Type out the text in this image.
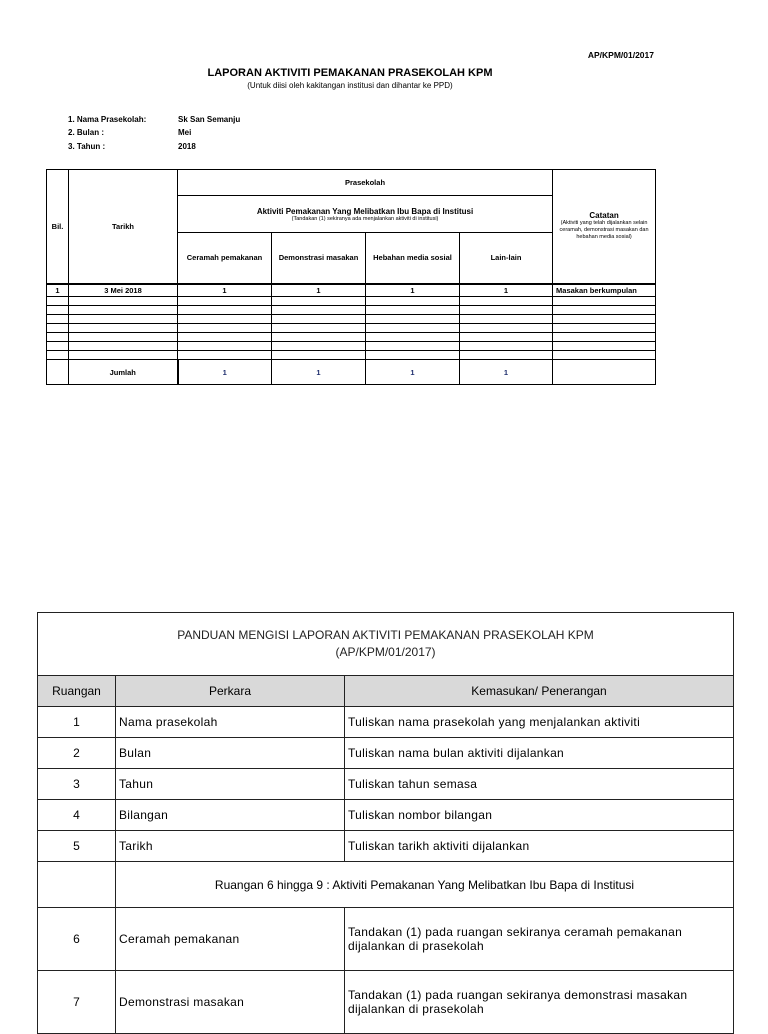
AP/KPM/01/2017
LAPORAN AKTIVITI PEMAKANAN PRASEKOLAH KPM
(Untuk diisi oleh kakitangan institusi dan dihantar ke PPD)
1. Nama Prasekolah:	Sk San Semanju
2. Bulan :	Mei
3. Tahun :	2018
Bil.	Tarikh	Prasekolah				Catatan
(Aktiviti yang telah dijalankan selain ceramah, demonstrasi masakan dan hebahan media sosial)

		Aktiviti Pemakanan Yang Melibatkan Ibu Bapa di Institusi
(Tandakan (1) sekiranya ada menjalankan aktiviti di institusi)				

		Ceramah pemakanan	Demonstrasi masakan	Hebahan media sosial	Lain-lain	
1	3 Mei 2018	1	1	1	1	Masakan berkumpulan

	Jumlah	1	1	1	1	
PANDUAN MENGISI LAPORAN AKTIVITI PEMAKANAN PRASEKOLAH KPM
(AP/KPM/01/2017)		

Ruangan	Perkara	Kemasukan/ Penerangan
1	Nama prasekolah	Tuliskan nama prasekolah yang menjalankan aktiviti
2	Bulan	Tuliskan nama bulan aktiviti dijalankan
3	Tahun	Tuliskan tahun semasa
4	Bilangan	Tuliskan nombor bilangan
5	Tarikh	Tuliskan tarikh aktiviti dijalankan
	Ruangan 6 hingga 9 : Aktiviti Pemakanan Yang Melibatkan Ibu Bapa di Institusi	
6	Ceramah pemakanan	Tandakan (1) pada ruangan sekiranya ceramah pemakanan dijalankan di prasekolah
7	Demonstrasi masakan	Tandakan (1) pada ruangan sekiranya demonstrasi masakan dijalankan di prasekolah
